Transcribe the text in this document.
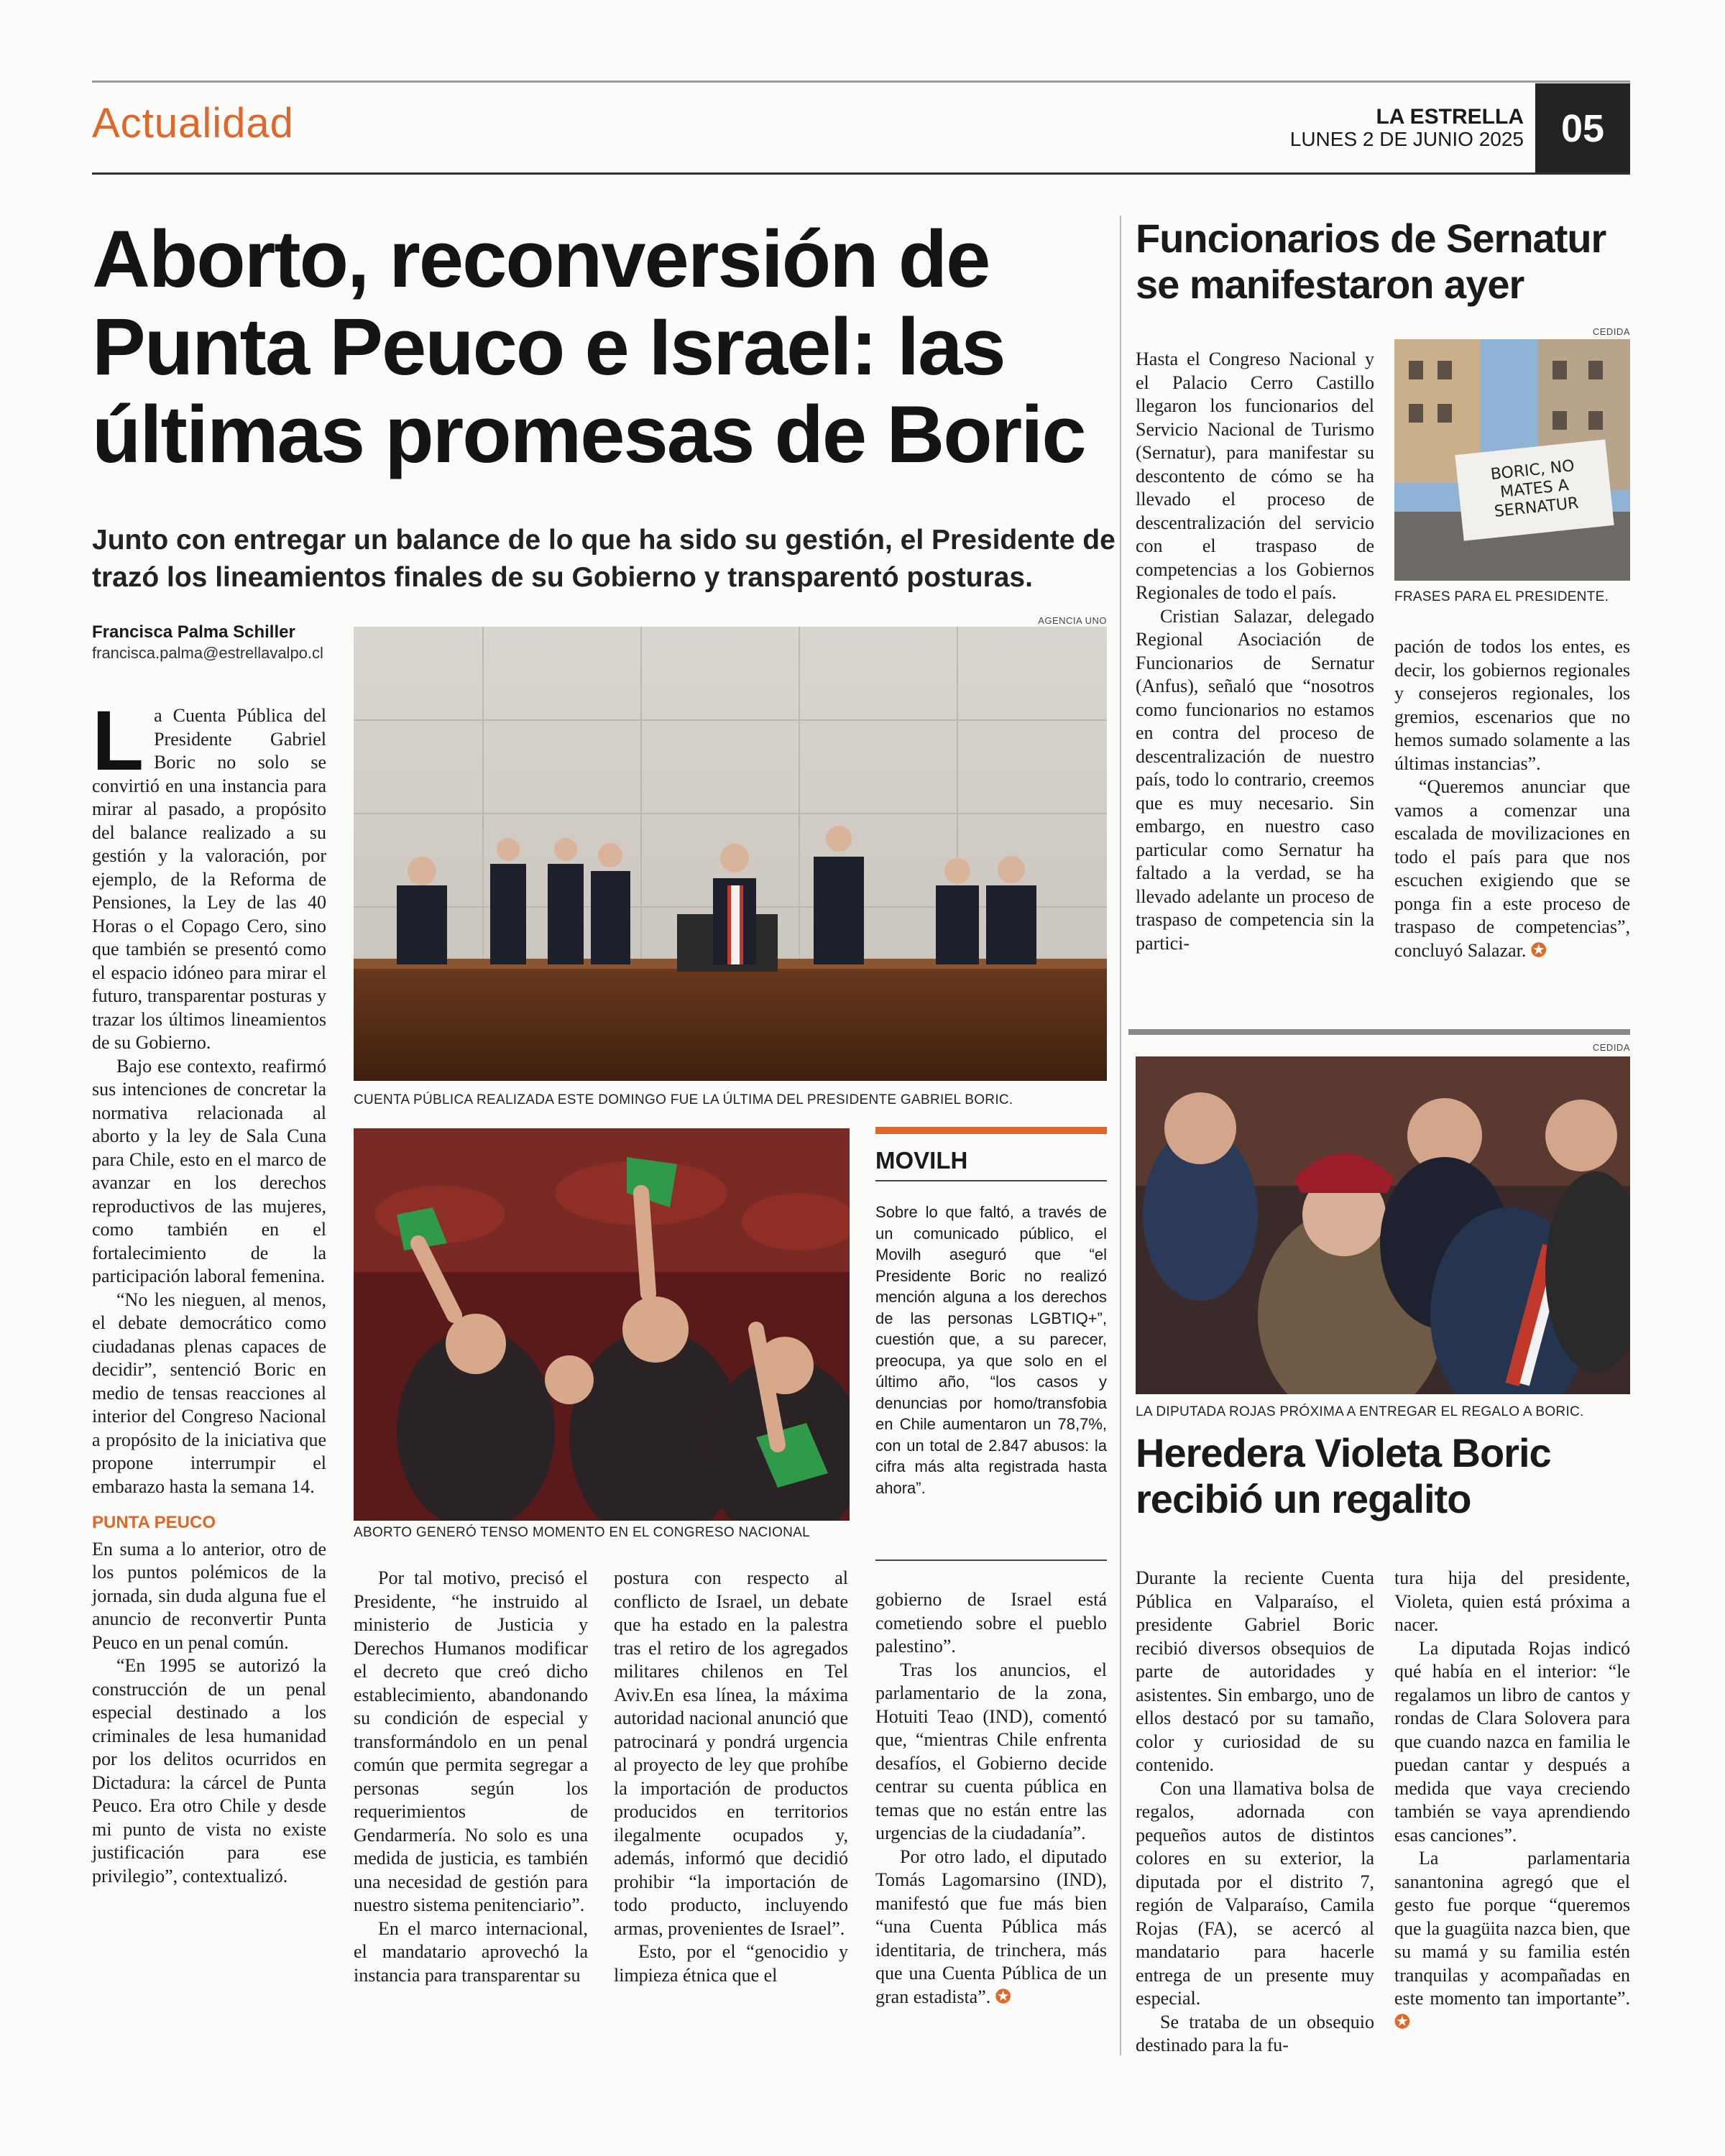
Actualidad	LA ESTRELLA
LUNES 2 DE JUNIO 2025 05
Aborto, reconversión de Punta Peuco e Israel: las últimas promesas de Boric
Junto con entregar un balance de lo que ha sido su gestión, el Presidente de trazó los lineamientos finales de su Gobierno y transparentó posturas.
Francisca Palma Schiller
francisca.palma@estrellavalpo.cl
AGENCIA UNO
CUENTA PÚBLICA REALIZADA ESTE DOMINGO FUE LA ÚLTIMA DEL PRESIDENTE GABRIEL BORIC.
ABORTO GENERÓ TENSO MOMENTO EN EL CONGRESO NACIONAL
L a Cuenta Pública del Presidente Gabriel Boric no solo se convirtió en una instancia para mirar al pasado, a propósito del balance realizado a su gestión y la valoración, por ejemplo, de la Reforma de Pensiones, la Ley de las 40 Horas o el Copago Cero, sino que también se presentó como el espacio idóneo para mirar el futuro, transparentar posturas y trazar los últimos lineamientos de su Gobierno.

Bajo ese contexto, reafirmó sus intenciones de concretar la normativa relacionada al aborto y la ley de Sala Cuna para Chile, esto en el marco de avanzar en los derechos reproductivos de las mujeres, como también en el fortalecimiento de la participación laboral femenina.

“No les nieguen, al menos, el debate democrático como ciudadanas plenas capaces de decidir”, sentenció Boric en medio de tensas reacciones al interior del Congreso Nacional a propósito de la iniciativa que propone interrumpir el embarazo hasta la semana 14.

PUNTA PEUCO

En suma a lo anterior, otro de los puntos polémicos de la jornada, sin duda alguna fue el anuncio de reconvertir Punta Peuco en un penal común.

“En 1995 se autorizó la construcción de un penal especial destinado a los criminales de lesa humanidad por los delitos ocurridos en Dictadura: la cárcel de Punta Peuco. Era otro Chile y desde mi punto de vista no existe justificación para ese privilegio”, contextualizó.

Por tal motivo, precisó el Presidente, “he instruido al ministerio de Justicia y Derechos Humanos modificar el decreto que creó dicho establecimiento, abandonando su condición de especial y transformándolo en un penal común que permita segregar a personas según los requerimientos de Gendarmería. No solo es una medida de justicia, es también una necesidad de gestión para nuestro sistema penitenciario”.

En el marco internacional, el mandatario aprovechó la instancia para transparentar su

postura con respecto al conflicto de Israel, un debate que ha estado en la palestra tras el retiro de los agregados militares chilenos en Tel Aviv.En esa línea, la máxima autoridad nacional anunció que patrocinará y pondrá urgencia al proyecto de ley que prohíbe la importación de productos producidos en territorios ilegalmente ocupados y, además, informó que decidió prohibir “la importación de todo producto, incluyendo armas, provenientes de Israel”.

Esto, por el “genocidio y limpieza étnica que el

gobierno de Israel está cometiendo sobre el pueblo palestino”.

Tras los anuncios, el parlamentario de la zona, Hotuiti Teao (IND), comentó que, “mientras Chile enfrenta desafíos, el Gobierno decide centrar su cuenta pública en temas que no están entre las urgencias de la ciudadanía”.

Por otro lado, el diputado Tomás Lagomarsino (IND), manifestó que fue más bien “una Cuenta Pública más identitaria, de trinchera, más que una Cuenta Pública de un gran estadista”. ✪

MOVILH
Sobre lo que faltó, a través de un comunicado público, el Movilh aseguró que “el Presidente Boric no realizó mención alguna a los derechos de las personas LGBTIQ+”, cuestión que, a su parecer, preocupa, ya que solo en el último año, “los casos y denuncias por homo/transfobia en Chile aumentaron un 78,7%, con un total de 2.847 abusos: la cifra más alta registrada hasta ahora”.
Funcionarios de Sernatur se manifestaron ayer
CEDIDA
BORIC, NO MATES A SERNATUR
FRASES PARA EL PRESIDENTE.

Hasta el Congreso Nacional y el Palacio Cerro Castillo llegaron los funcionarios del Servicio Nacional de Turismo (Sernatur), para manifestar su descontento de cómo se ha llevado el proceso de descentralización del servicio con el traspaso de competencias a los Gobiernos Regionales de todo el país.

Cristian Salazar, delegado Regional Asociación de Funcionarios de Sernatur (Anfus), señaló que “nosotros como funcionarios no estamos en contra del proceso de descentralización de nuestro país, todo lo contrario, creemos que es muy necesario. Sin embargo, en nuestro caso particular como Sernatur ha faltado a la verdad, se ha llevado adelante un proceso de traspaso de competencia sin la partici-

pación de todos los entes, es decir, los gobiernos regionales y consejeros regionales, los gremios, escenarios que no hemos sumado solamente a las últimas instancias”.

“Queremos anunciar que vamos a comenzar una escalada de movilizaciones en todo el país para que nos escuchen exigiendo que se ponga fin a este proceso de traspaso de competencias”, concluyó Salazar. ✪

CEDIDA
LA DIPUTADA ROJAS PRÓXIMA A ENTREGAR EL REGALO A BORIC.
Heredera Violeta Boric recibió un regalito

Durante la reciente Cuenta Pública en Valparaíso, el presidente Gabriel Boric recibió diversos obsequios de parte de autoridades y asistentes. Sin embargo, uno de ellos destacó por su tamaño, color y curiosidad de su contenido.

Con una llamativa bolsa de regalos, adornada con pequeños autos de distintos colores en su exterior, la diputada por el distrito 7, región de Valparaíso, Camila Rojas (FA), se acercó al mandatario para hacerle entrega de un presente muy especial.

Se trataba de un obsequio destinado para la fu-

tura hija del presidente, Violeta, quien está próxima a nacer.

La diputada Rojas indicó qué había en el interior: “le regalamos un libro de cantos y rondas de Clara Solovera para que cuando nazca en familia le puedan cantar y después a medida que vaya creciendo también se vaya aprendiendo esas canciones”.

La parlamentaria sanantonina agregó que el gesto fue porque “queremos que la guagüita nazca bien, que su mamá y su familia estén tranquilas y acompañadas en este momento tan importante”. ✪
